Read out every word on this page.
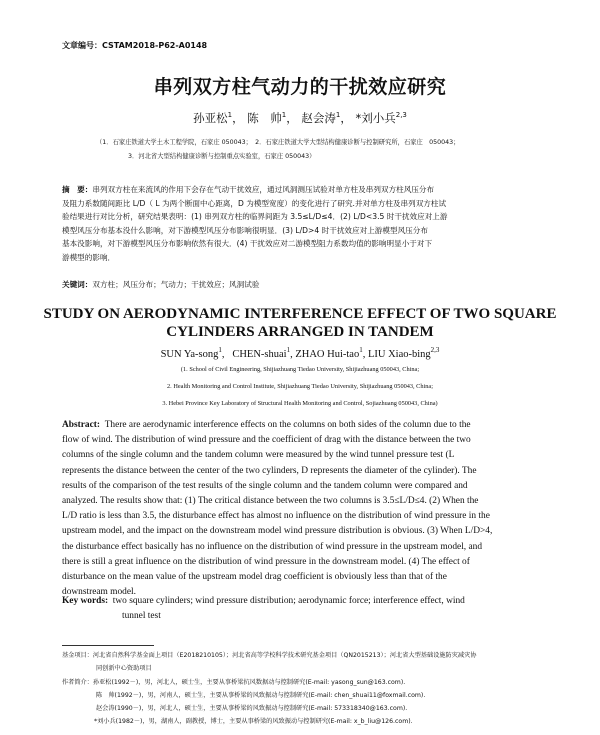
文章编号：CSTAM2018-P62-A0148
串列双方柱气动力的干扰效应研究
孙亚松$^1$， 陈　帅$^1$， 赵会涛$^1$， *刘小兵$^{2,3}$
（1．石家庄铁道大学土木工程学院，石家庄 050043；　2．石家庄铁道大学大型结构健康诊断与控制研究所，石家庄　050043；
3．河北省大型结构健康诊断与控制重点实验室，石家庄 050043）
摘　要：串列双方柱在来流风的作用下会存在气动干扰效应，通过风洞测压试验对单方柱及串列双方柱风压分布
及阻力系数随间距比 L/D（ L 为两个断面中心距离，D 为模型宽度）的变化进行了研究.并对单方柱及串列双方柱试
验结果进行对比分析，研究结果表明：(1) 串列双方柱的临界间距为 3.5≤L/D≤4．(2) L/D<3.5 时干扰效应对上游
模型风压分布基本没什么影响，对下游模型风压分布影响很明显．(3) L/D>4 时干扰效应对上游模型风压分布
基本没影响，对下游模型风压分布影响依然有很大．(4) 干扰效应对二游模型阻力系数均值的影响明显小于对下
游模型的影响．
关键词：双方柱；风压分布；气动力；干扰效应；风洞试验
STUDY ON AERODYNAMIC INTERFERENCE EFFECT OF TWO SQUARE
CYLINDERS ARRANGED IN TANDEM
SUN Ya-song$^1$,   CHEN-shuai$^1$, ZHAO Hui-tao$^1$, LIU Xiao-bing$^{2,3}$
(1. School of Civil Engineering, Shijiazhuang Tiedao University, Shijiazhuang 050043, China;
2. Health Monitoring and Control Institute, Shijiazhuang Tiedao University, Shijiazhuang 050043, China;
3. Hebei Province Key Laboratory of Structural Health Monitoring and Control, Sojiazhuang 050043, China)
Abstract: There are aerodynamic interference effects on the columns on both sides of the column due to the
flow of wind. The distribution of wind pressure and the coefficient of drag with the distance between the two
columns of the single column and the tandem column were measured by the wind tunnel pressure test (L
represents the distance between the center of the two cylinders, D represents the diameter of the cylinder). The
results of the comparison of the test results of the single column and the tandem column were compared and
analyzed. The results show that: (1) The critical distance between the two columns is 3.5≤L/D≤4. (2) When the
L/D ratio is less than 3.5, the disturbance effect has almost no influence on the distribution of wind pressure in the
upstream model, and the impact on the downstream model wind pressure distribution is obvious. (3) When L/D>4,
the disturbance effect basically has no influence on the distribution of wind pressure in the upstream model, and
there is still a great influence on the distribution of wind pressure in the downstream model. (4) The effect of
disturbance on the mean value of the upstream model drag coefficient is obviously less than that of the
downstream model.
Key words: two square cylinders; wind pressure distribution; aerodynamic force; interference effect, wind
tunnel test
基金项目：河北省自然科学基金面上项目（E2018210105）；河北省高等学校科学技术研究基金项目（QN2015213）；河北省大型基础设施防灾减灾协
同创新中心资助项目
作者简介：孙亚松(1992－)，男，河北人，硕士生，主要从事桥梁抗风数据动与控制研究(E-mail: yasong_sun@163.com).
陈　帅(1992－)，男，河南人，硕士生，主要从事桥梁的风致振动与控制研究(E-mail: chen_shuai11@foxmail.com).
赵会涛(1990－)，男，河北人，硕士生，主要从事桥梁的风致振动与控制研究(E-mail: 573318340@163.com).
*刘小兵(1982－)，男，湖南人，副教授，博士，主要从事桥梁的风致振动与控制研究(E-mail: x_b_liu@126.com).
